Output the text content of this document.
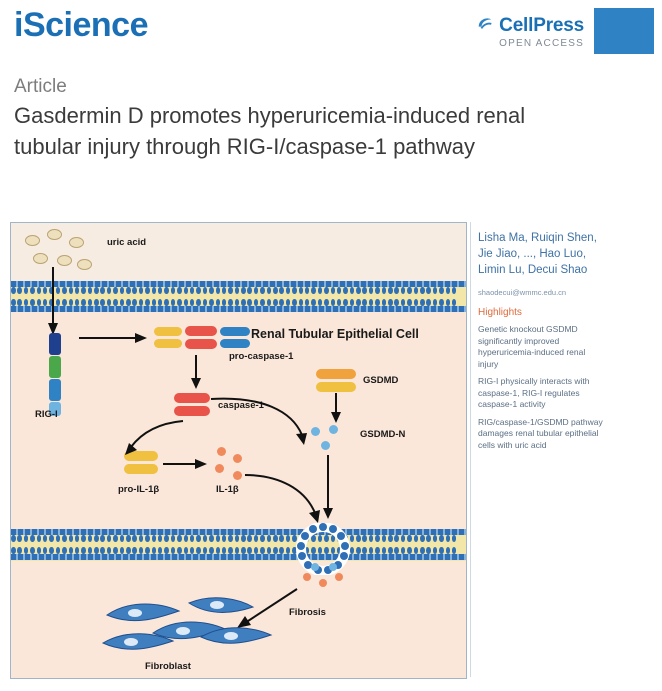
iScience	CellPress
OPEN ACCESS
Article
Gasdermin D promotes hyperuricemia-induced renal tubular injury through RIG-I/caspase-1 pathway
uric acid
RIG-I
pro-caspase-1
caspase-1
GSDMD
GSDMD-N
pro-IL-1β	IL-1β
Fibrosis
Fibroblast
Renal Tubular Epithelial Cell
Lisha Ma, Ruiqin Shen, Jie Jiao, ..., Hao Luo, Limin Lu, Decui Shao
shaodecui@wmmc.edu.cn
Highlights
Genetic knockout GSDMD significantly improved hyperuricemia-induced renal injury
RIG-I physically interacts with caspase-1, RIG-I regulates caspase-1 activity
RIG/caspase-1/GSDMD pathway damages renal tubular epithelial cells with uric acid
